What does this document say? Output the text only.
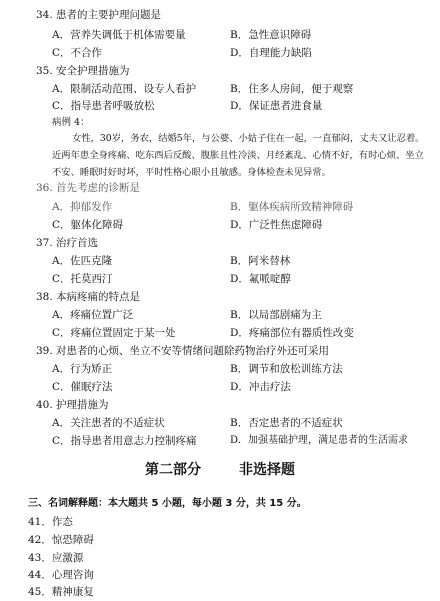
34. 患者的主要护理问题是
A．营养失调低于机体需要量	B．急性意识障碍
C．不合作	D．自理能力缺陷
35. 安全护理措施为
A．限制活动范围、设专人看护	B．住多人房间，便于观察
C．指导患者呼吸放松	D．保证患者进食量
病例 4：
女性，30岁，务农，结婚5年，与公婆、小姑子住在一起，一直郁闷，丈夫又让忍着。近两年患全身疼痛、吃东西后反酸、腹胀且性冷淡、月经紊乱、心情不好，有时心烦、坐立不安、睡眠时好时坏，平时性格心眼小且敏感。身体检查未见异常。
36. 首先考虑的诊断是
A．抑郁发作	B．躯体疾病所致精神障碍
C．躯体化障碍	D．广泛性焦虑障碍
37. 治疗首选
A．佐匹克隆	B．阿米替林
C．托莫西汀	D．氟哌啶醇
38. 本病疼痛的特点是
A．疼痛位置广泛	B．以局部剧痛为主
C．疼痛位置固定于某一处	D．疼痛部位有器质性改变
39. 对患者的心烦、坐立不安等情绪问题除药物治疗外还可采用
A．行为矫正	B．调节和放松训练方法
C．催眠疗法	D．冲击疗法
40. 护理措施为
A．关注患者的不适症状	B．否定患者的不适症状
C．指导患者用意志力控制疼痛	D．加强基础护理，满足患者的生活需求
第二部分	非选择题
三、名词解释题：本大题共 5 小题，每小题 3 分，共 15 分。
41．作态
42．惊恐障碍
43．应激源
44．心理咨询
45．精神康复
